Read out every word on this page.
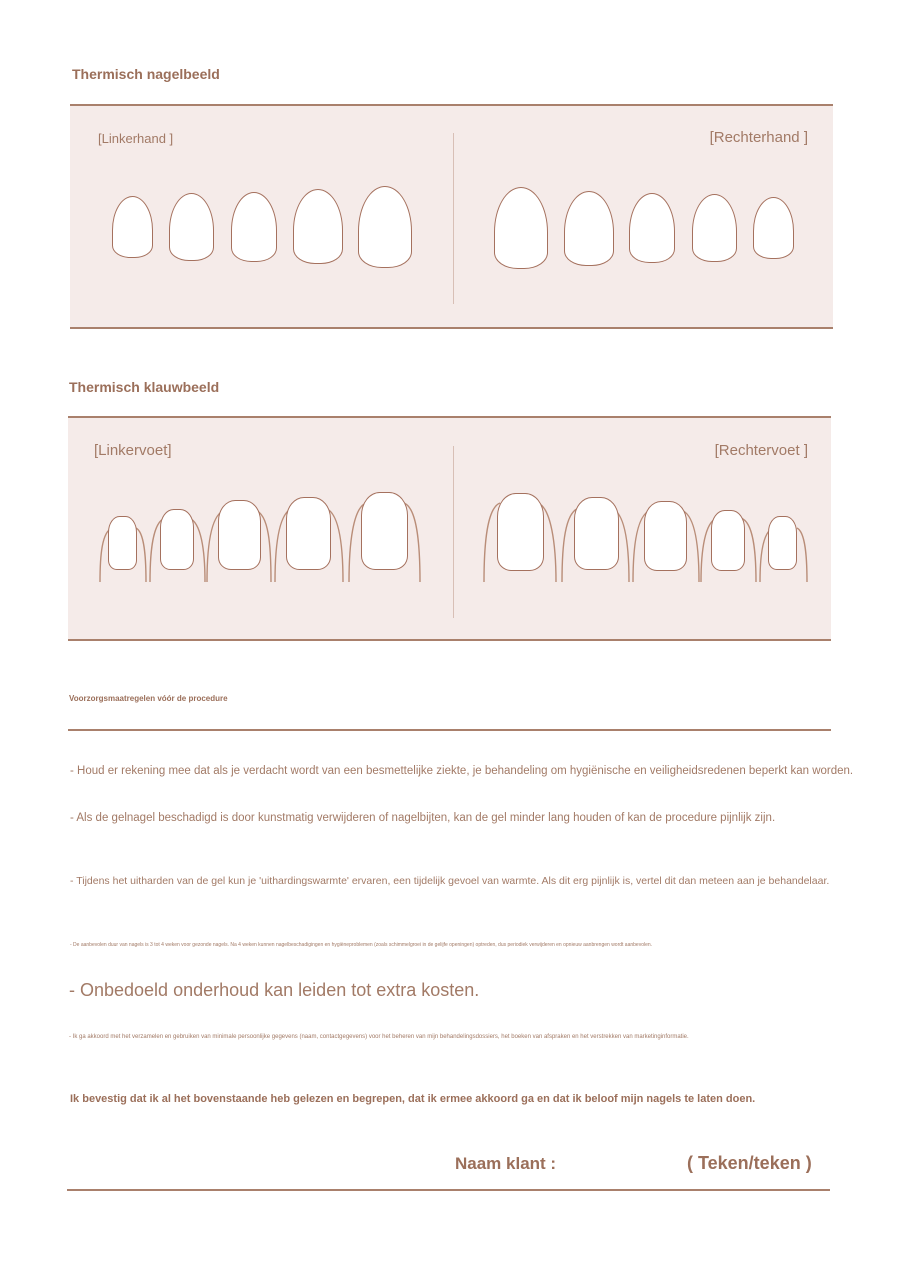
Thermisch nagelbeeld
[Linkerhand ]	[Rechterhand ]
Thermisch klauwbeeld
[Linkervoet]	[Rechtervoet ]
Voorzorgsmaatregelen vóór de procedure
- Houd er rekening mee dat als je verdacht wordt van een besmettelijke ziekte, je behandeling om hygiënische en veiligheidsredenen beperkt kan worden.
- Als de gelnagel beschadigd is door kunstmatig verwijderen of nagelbijten, kan de gel minder lang houden of kan de procedure pijnlijk zijn.
- Tijdens het uitharden van de gel kun je 'uithardingswarmte' ervaren, een tijdelijk gevoel van warmte. Als dit erg pijnlijk is, vertel dit dan meteen aan je behandelaar.
- De aanbevolen duur van nagels is 3 tot 4 weken voor gezonde nagels. Na 4 weken kunnen nagelbeschadigingen en hygiëneproblemen (zoals schimmelgroei in de gelijfe openingen) optreden, dus periodiek verwijderen en opnieuw aanbrengen wordt aanbevolen.
- Onbedoeld onderhoud kan leiden tot extra kosten.
- Ik ga akkoord met het verzamelen en gebruiken van minimale persoonlijke gegevens (naam, contactgegevens) voor het beheren van mijn behandelingsdossiers, het boeken van afspraken en het verstrekken van marketinginformatie.
Ik bevestig dat ik al het bovenstaande heb gelezen en begrepen, dat ik ermee akkoord ga en dat ik beloof mijn nagels te laten doen.
Naam klant :	( Teken/teken )
